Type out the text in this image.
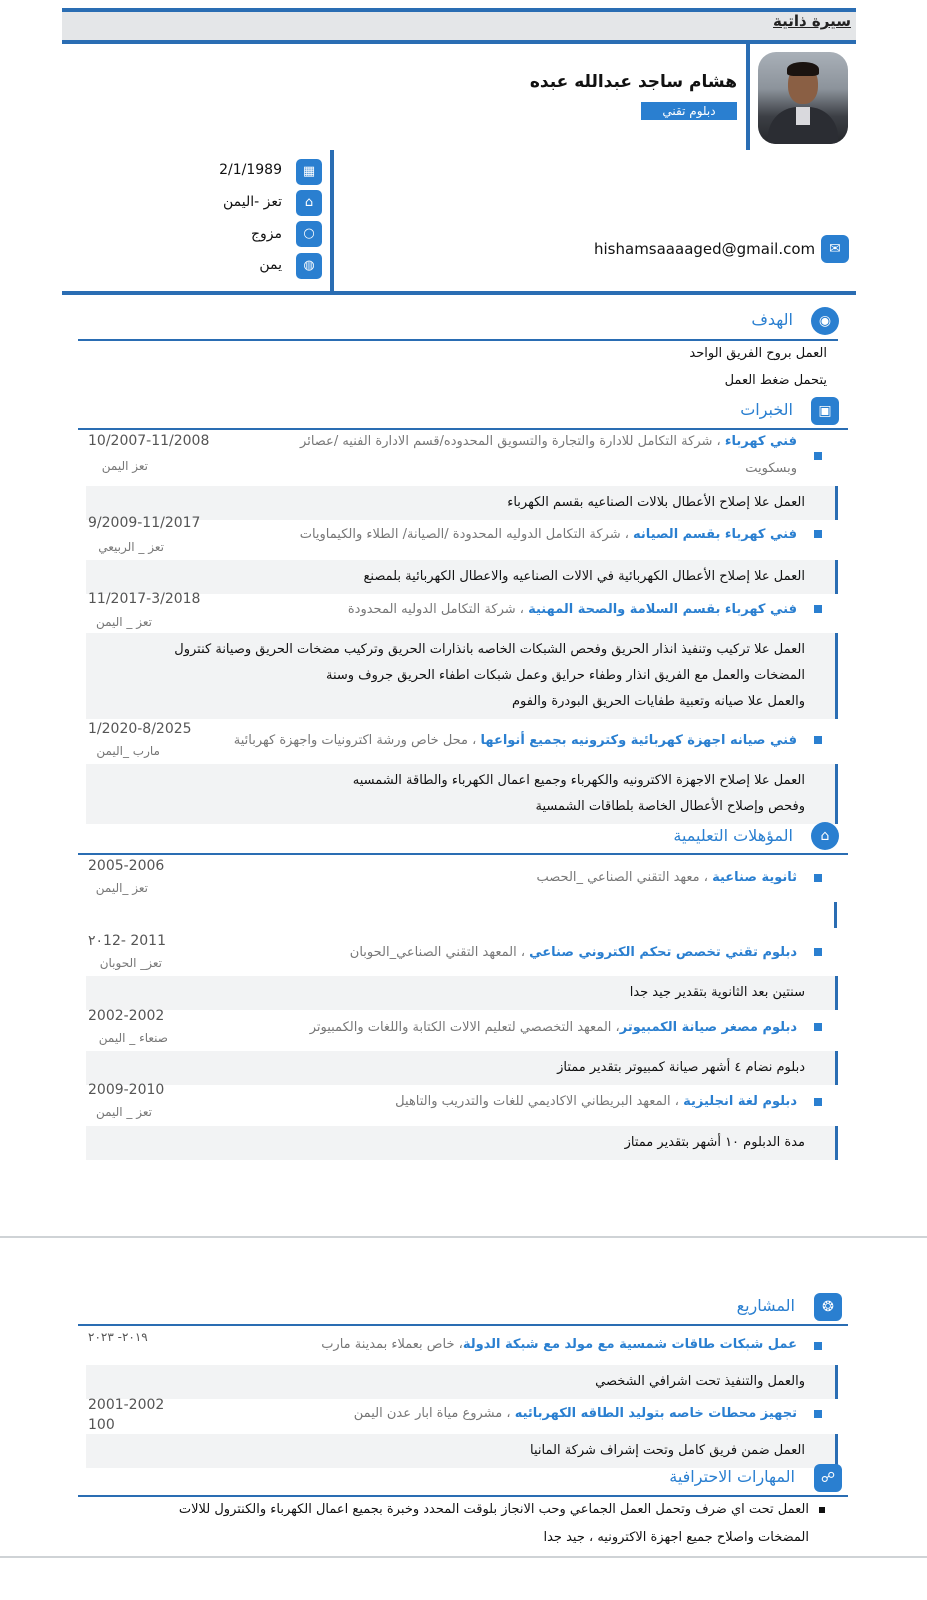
سيرة ذاتية
هشام ساجد عبدالله عبده
دبلوم تقني
▦
2/1/1989
⌂
تعز -اليمن
○
مزوج
◍
يمن
✉
hishamsaaaaged@gmail.com
◉
الهدف
العمل بروح الفريق الواحد
يتحمل ضغط العمل
▣
الخبرات
فني كهرباء ، شركة التكامل للادارة والتجارة والتسويق المحدوده/قسم الادارة الفنيه /عصائر
وبسكويت
10/2007-11/2008
تعز اليمن
العمل علا إصلاح الأعطال بلالات الصناعيه بقسم الكهرباء
فني كهرباء بقسم الصيانه ، شركة التكامل الدوليه المحدودة /الصيانة/ الطلاء والكيماويات
9/2009-11/2017
تعز _ الربيعي
العمل علا إصلاح الأعطال الكهربائية في الالات الصناعيه والاعطال الكهربائية بلمصنع
فني كهرباء بقسم السلامة والصحة المهنية ، شركة التكامل الدوليه المحدودة
11/2017-3/2018
تعز _ اليمن
العمل علا تركيب وتنفيذ انذار الحريق وفحص الشبكات الخاصه بانذارات الحريق وتركيب مضخات الحريق وصيانة كنترول
المضخات والعمل مع الفريق انذار وطفاء حرايق وعمل شبكات اطفاء الحريق جروف وسنة
والعمل علا صيانه وتعبية طفايات الحريق البودرة والفوم
فني صيانه اجهزة كهربائية وكترونيه بجميع أنواعها ، محل خاص ورشة اكترونيات واجهزة كهربائية
1/2020-8/2025
مارب _اليمن
العمل علا إصلاح الاجهزة الاكترونيه والكهرباء وجميع اعمال الكهرباء والطاقة الشمسيه
وفحص وإصلاح الأعطال الخاصة بلطاقات الشمسية
⌂
المؤهلات التعليمية
ثانوية صناعية ، معهد التقني الصناعي _الحصب
2005-2006
تعز _اليمن
دبلوم تقني تخصص تحكم الكتروني صناعي ، المعهد التقني الصناعي_الحوبان
٢٠12- 2011
تعز_ الحوبان
سنتين بعد الثانوية بتقدير جيد جدا
دبلوم مصغر صيانة الكمبيوتر، المعهد التخصصي لتعليم الالات الكتابة واللغات والكمبيوتر
2002-2002
صنعاء _ اليمن
دبلوم نضام ٤ أشهر صيانة كمبيوتر بتقدير ممتاز
دبلوم لغة انجليزية ، المعهد البريطاني الاكاديمي للغات والتدريب والتاهيل
2009-2010
تعز _ اليمن
مدة الدبلوم ١٠ أشهر بتقدير ممتاز
❂
المشاريع
عمل شبكات طاقات شمسية مع مولد مع شبكة الدولة، خاص بعملاء بمدينة مارب
٢٠١٩- ٢٠٢٣
والعمل والتنفيذ تحت اشرافي الشخصي
تجهيز محطات خاصه بتوليد الطاقه الكهربائيه ، مشروع مياة ابار عدن اليمن
2001-2002
100
العمل ضمن فريق كامل وتحت إشراف شركة المانيا
☍
المهارات الاحترافية
العمل تحت اي ضرف وتحمل العمل الجماعي وحب الانجاز بلوقت المحدد وخبرة بجميع اعمال الكهرباء والكنترول للالات
المضخات واصلاح جميع اجهزة الاكترونيه ، جيد جدا
